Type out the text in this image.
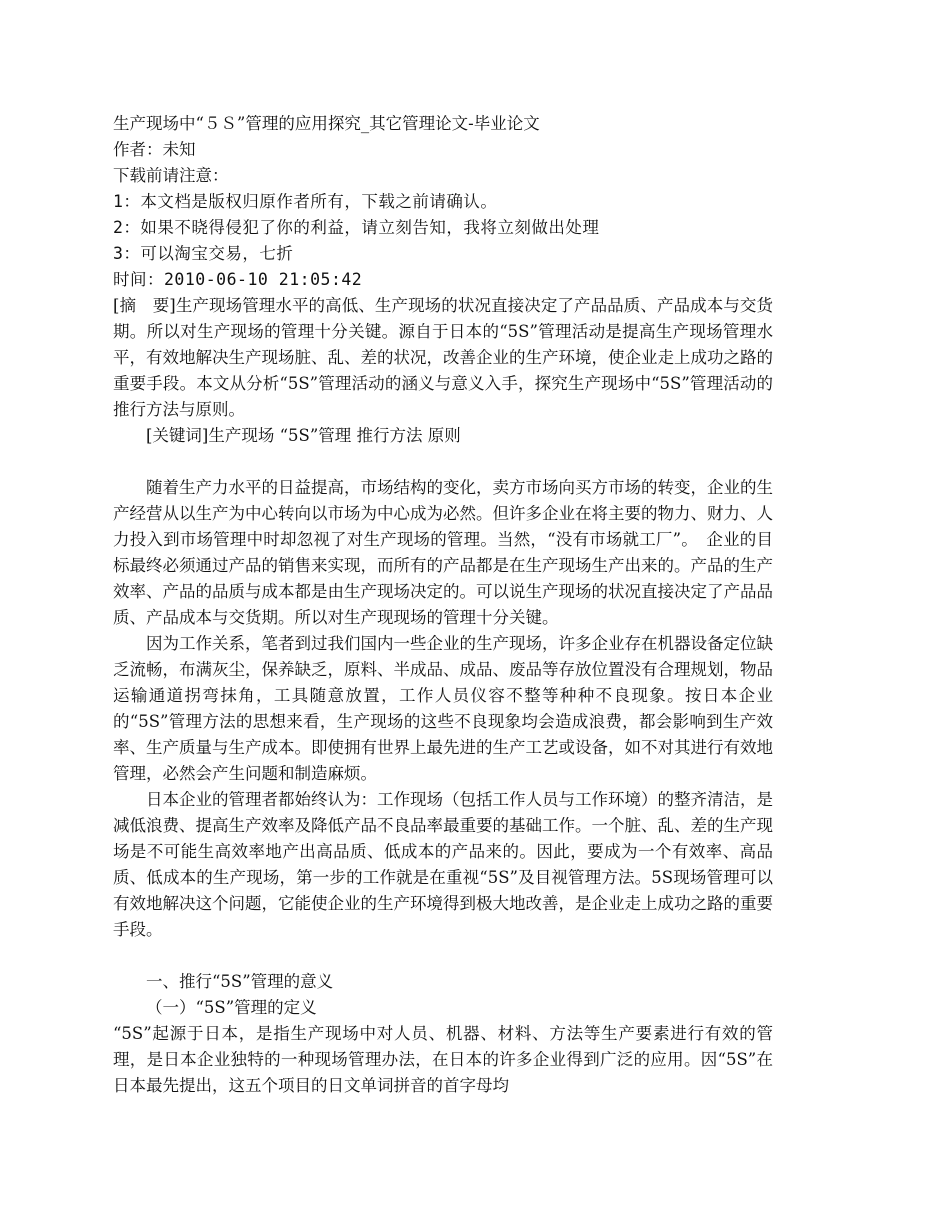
生产现场中“５Ｓ”管理的应用探究_其它管理论文-毕业论文

作者：未知

下载前请注意：

1：本文档是版权归原作者所有，下载之前请确认。

2：如果不晓得侵犯了你的利益，请立刻告知，我将立刻做出处理

3：可以淘宝交易，七折

时间：2010-06-10 21:05:42

[摘　要]生产现场管理水平的高低、生产现场的状况直接决定了产品品质、产品成本与交货期。所以对生产现场的管理十分关键。源自于日本的“5S”管理活动是提高生产现场管理水平，有效地解决生产现场脏、乱、差的状况，改善企业的生产环境，使企业走上成功之路的重要手段。本文从分析“5S”管理活动的涵义与意义入手，探究生产现场中“5S”管理活动的推行方法与原则。

[关键词]生产现场 “5S”管理 推行方法 原则

随着生产力水平的日益提高，市场结构的变化，卖方市场向买方市场的转变，企业的生产经营从以生产为中心转向以市场为中心成为必然。但许多企业在将主要的物力、财力、人力投入到市场管理中时却忽视了对生产现场的管理。当然，“没有市场就工厂”。　企业的目标最终必须通过产品的销售来实现，而所有的产品都是在生产现场生产出来的。产品的生产效率、产品的品质与成本都是由生产现场决定的。可以说生产现场的状况直接决定了产品品质、产品成本与交货期。所以对生产现现场的管理十分关键。

因为工作关系，笔者到过我们国内一些企业的生产现场，许多企业存在机器设备定位缺乏流畅，布满灰尘，保养缺乏，原料、半成品、成品、废品等存放位置没有合理规划，物品运输通道拐弯抹角，工具随意放置，工作人员仪容不整等种种不良现象。按日本企业的“5S”管理方法的思想来看，生产现场的这些不良现象均会造成浪费，都会影响到生产效率、生产质量与生产成本。即使拥有世界上最先进的生产工艺或设备，如不对其进行有效地管理，必然会产生问题和制造麻烦。

日本企业的管理者都始终认为：工作现场（包括工作人员与工作环境）的整齐清洁，是减低浪费、提高生产效率及降低产品不良品率最重要的基础工作。一个脏、乱、差的生产现场是不可能生高效率地产出高品质、低成本的产品来的。因此，要成为一个有效率、高品质、低成本的生产现场，第一步的工作就是在重视“5S”及目视管理方法。5S现场管理可以有效地解决这个问题，它能使企业的生产环境得到极大地改善，是企业走上成功之路的重要手段。

一、推行“5S”管理的意义

（一）“5S”管理的定义

“5S”起源于日本，是指生产现场中对人员、机器、材料、方法等生产要素进行有效的管理，是日本企业独特的一种现场管理办法，在日本的许多企业得到广泛的应用。因“5S”在日本最先提出，这五个项目的日文单词拼音的首字母均
